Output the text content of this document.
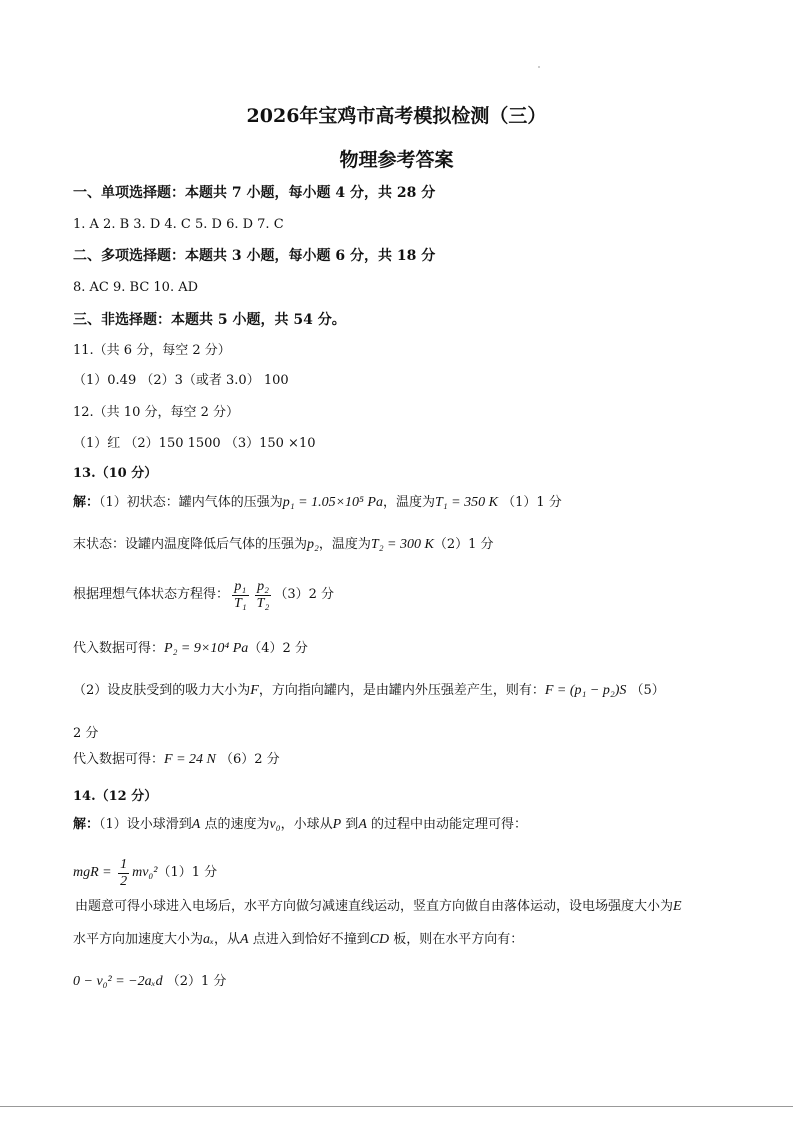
2026年宝鸡市高考模拟检测（三）
物理参考答案
一、单项选择题：本题共 7 小题，每小题 4 分，共 28 分
1. A 2. B 3. D 4. C 5. D 6. D 7. C
二、多项选择题：本题共 3 小题，每小题 6 分，共 18 分
8. AC 9. BC 10. AD
三、非选择题：本题共 5 小题，共 54 分。
11.（共 6 分，每空 2 分）
（1）0.49 （2）3（或者 3.0） 100
12.（共 10 分，每空 2 分）
（1）红 （2）150 1500 （3）150 ×10
13.（10 分）
解：（1）初状态：罐内气体的压强为p₁ = 1.05×10⁵ Pa，温度为T₁ = 350 K （1）1 分
末状态：设罐内温度降低后气体的压强为p₂，温度为T₂ = 300 K（2）1 分
根据理想气体状态方程得： $\frac{\text{p₁}}{\text{T₁}} \frac{\text{p₂}}{\text{T₂}} (3)2$ 分
代入数据可得：P₂ = 9×10⁴ Pa（4）2 分
（2）设皮肤受到的吸力大小为F，方向指向罐内，是由罐内外压强差产生，则有：F = (p₁ − p₂)S （5）
2 分
代入数据可得：F = 24 N （6）2 分
14.（12 分）
解：（1）设小球滑到A 点的速度为v₀，小球从P 到A 的过程中由动能定理可得：
mgR = $\frac{1}{2} mv_0^2(1)1$ 分
由题意可得小球进入电场后，水平方向做匀减速直线运动，竖直方向做自由落体运动，设电场强度大小为E
水平方向加速度大小为aₓ，从A 点进入到恰好不撞到CD 板，则在水平方向有：
0 − v₀² = −2aₓd （2）1 分
